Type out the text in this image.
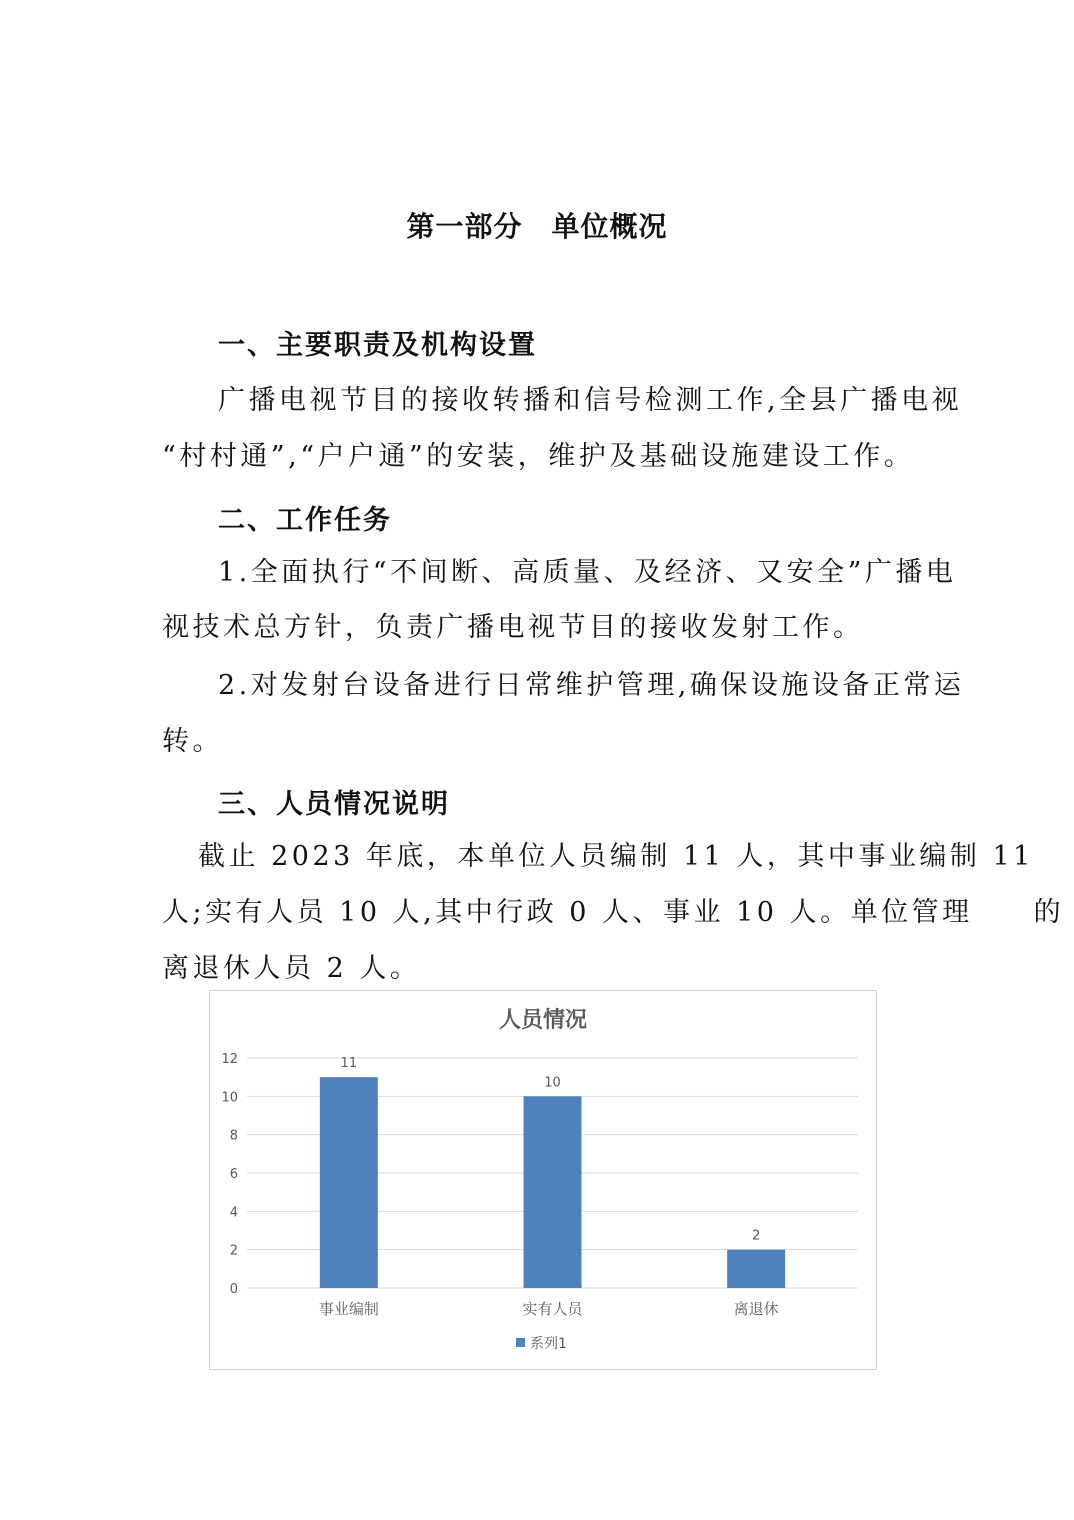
第一部分　单位概况
一、主要职责及机构设置
广播电视节目的接收转播和信号检测工作,全县广播电视
“村村通”,“户户通”的安装，维护及基础设施建设工作。
二、工作任务
1.全面执行“不间断、高质量、及经济、又安全”广播电
视技术总方针，负责广播电视节目的接收发射工作。
2.对发射台设备进行日常维护管理,确保设施设备正常运
转。
三、人员情况说明
截止 2023 年底，本单位人员编制 11 人，其中事业编制 11
人;实有人员 10 人,其中行政 0 人、事业 10 人。单位管理　　的
离退休人员 2 人。
人员情况
0
2
4
6
8
10
12	11
事业编制
10
实有人员
2
离退休
系列1
